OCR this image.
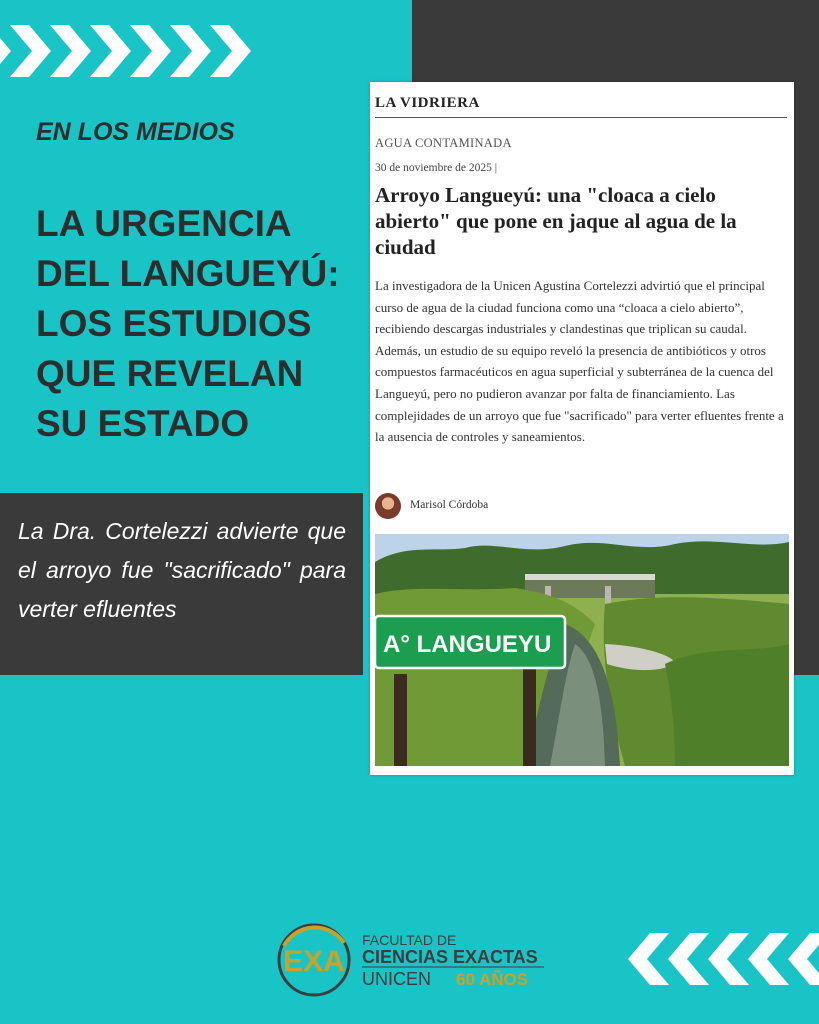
EN LOS MEDIOS
LA URGENCIA DEL LANGUEYÚ: LOS ESTUDIOS QUE REVELAN SU ESTADO

La Dra. Cortelezzi advierte que el arroyo fue "sacrificado" para verter efluentes

LA VIDRIERA
AGUA CONTAMINADA
30 de noviembre de 2025 |
Arroyo Langueyú: una "cloaca a cielo abierto" que pone en jaque al agua de la ciudad

La investigadora de la Unicen Agustina Cortelezzi advirtió que el principal curso de agua de la ciudad funciona como una “cloaca a cielo abierto”, recibiendo descargas industriales y clandestinas que triplican su caudal. Además, un estudio de su equipo reveló la presencia de antibióticos y otros compuestos farmacéuticos en agua superficial y subterránea de la cuenca del Langueyú, pero no pudieron avanzar por falta de financiamiento. Las complejidades de un arroyo que fue "sacrificado" para verter efluentes frente a la ausencia de controles y saneamientos.

Marisol Córdoba
A° LANGUEYU
EXA
FACULTAD DE
CIENCIAS EXACTAS
UNICEN 60 AÑOS
